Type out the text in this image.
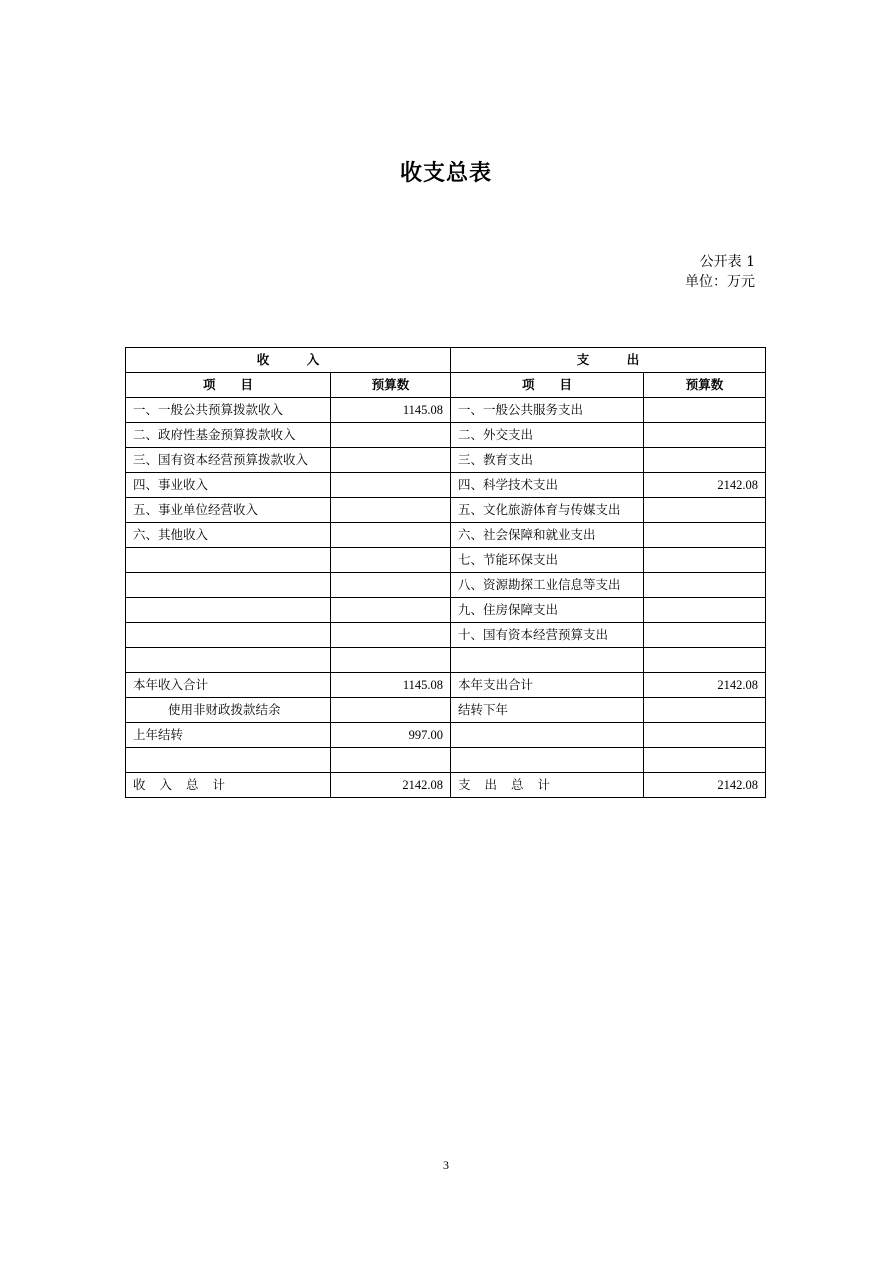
收支总表
公开表 1
单位：万元
收　　　入		支　　　出	
项　　目	预算数	项　　目	预算数
一、一般公共预算拨款收入	1145.08	一、一般公共服务支出	
二、政府性基金预算拨款收入		二、外交支出	
三、国有资本经营预算拨款收入		三、教育支出	
四、事业收入		四、科学技术支出	2142.08
五、事业单位经营收入		五、文化旅游体育与传媒支出	
六、其他收入		六、社会保障和就业支出	
		七、节能环保支出	
		八、资源勘探工业信息等支出	
		九、住房保障支出	
		十、国有资本经营预算支出	

本年收入合计	1145.08	本年支出合计	2142.08
使用非财政拨款结余		结转下年	
上年结转	997.00		

收入总计	2142.08	支出总计	2142.08
3
